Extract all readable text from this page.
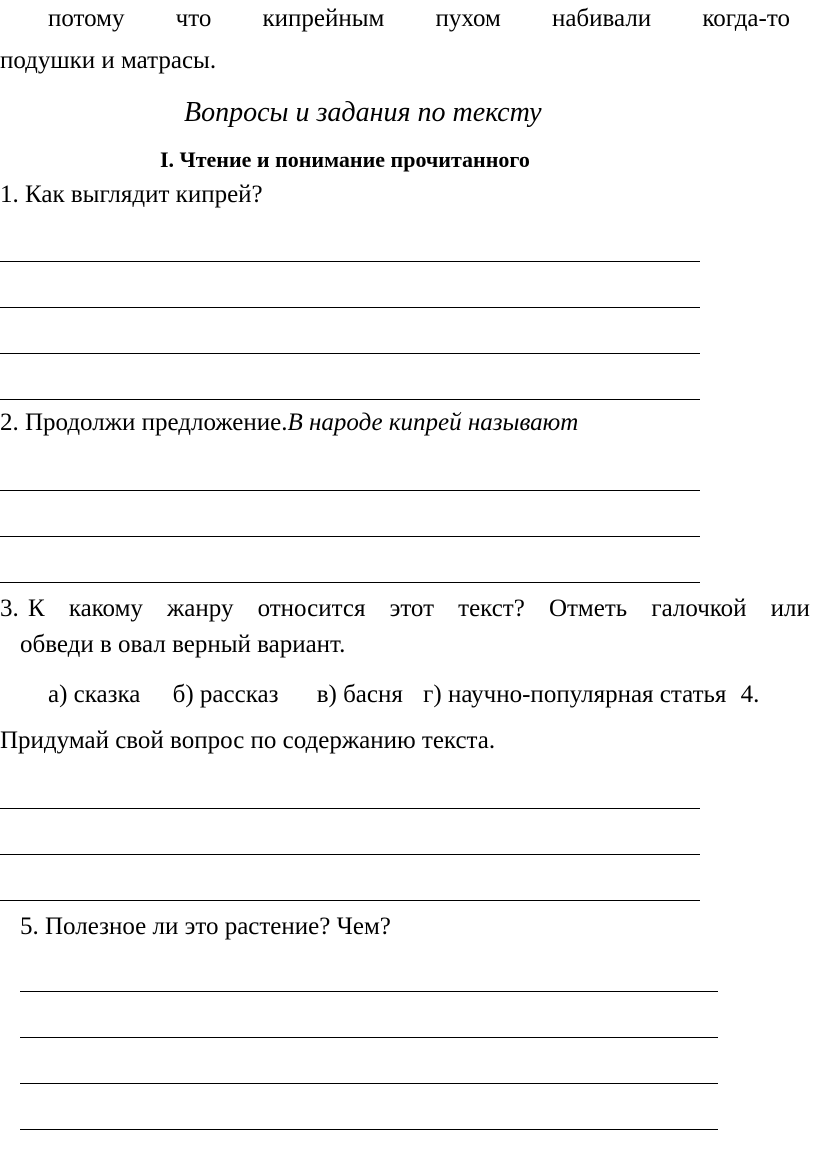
потому что кипрейным пухом набивали когда-то
подушки и матрасы.
Вопросы и задания по тексту
I. Чтение и понимание прочитанного
1. Как выглядит кипрей?
2. Продолжи предложение.В народе кипрей называют
3. К какому жанру относится этот текст? Отметь галочкой или
обведи в овал верный вариант.
а) сказка б) рассказ в) басня г) научно-популярная статья 4.
Придумай свой вопрос по содержанию текста.
5. Полезное ли это растение? Чем?
